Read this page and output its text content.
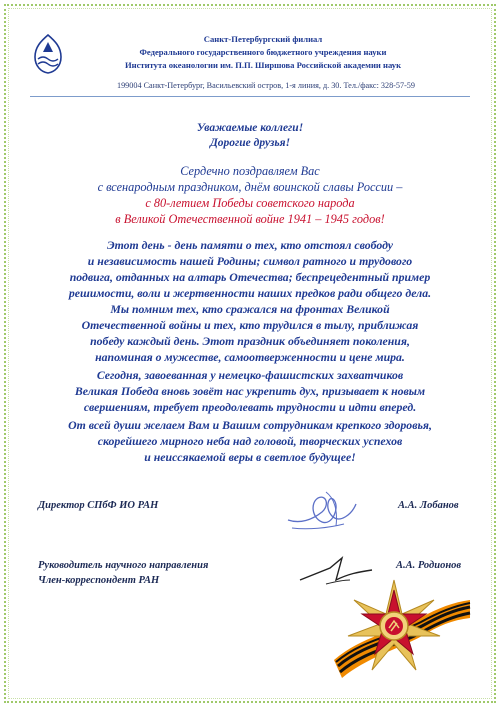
Санкт-Петербургский филиал
Федерального государственного бюджетного учреждения науки
Института океанологии им. П.П. Ширшова Российской академии наук
199004 Санкт-Петербург, Васильевский остров, 1-я линия, д. 30. Тел./факс: 328-57-59
Уважаемые коллеги!
Дорогие друзья!
Сердечно поздравляем Вас
с всенародным праздником, днём воинской славы России –
с 80-летием Победы советского народа
в Великой Отечественной войне 1941 – 1945 годов!
Этот день - день памяти о тех, кто отстоял свободу
и независимость нашей Родины; символ ратного и трудового
подвига, отданных на алтарь Отечества; беспрецедентный пример
решимости, воли и жертвенности наших предков ради общего дела.
Мы помним тех, кто сражался на фронтах Великой
Отечественной войны и тех, кто трудился в тылу, приближая
победу каждый день. Этот праздник объединяет поколения,
напоминая о мужестве, самоотверженности и цене мира.
Сегодня, завоеванная у немецко-фашистских захватчиков
Великая Победа вновь зовёт нас укрепить дух, призывает к новым
свершениям, требует преодолевать трудности и идти вперед.
От всей души желаем Вам и Вашим сотрудникам крепкого здоровья,
скорейшего мирного неба над головой, творческих успехов
и неиссякаемой веры в светлое будущее!
Директор СПбФ ИО РАН	А.А. Лобанов
Руководитель научного направления
Член-корреспондент РАН
А.А. Родионов
